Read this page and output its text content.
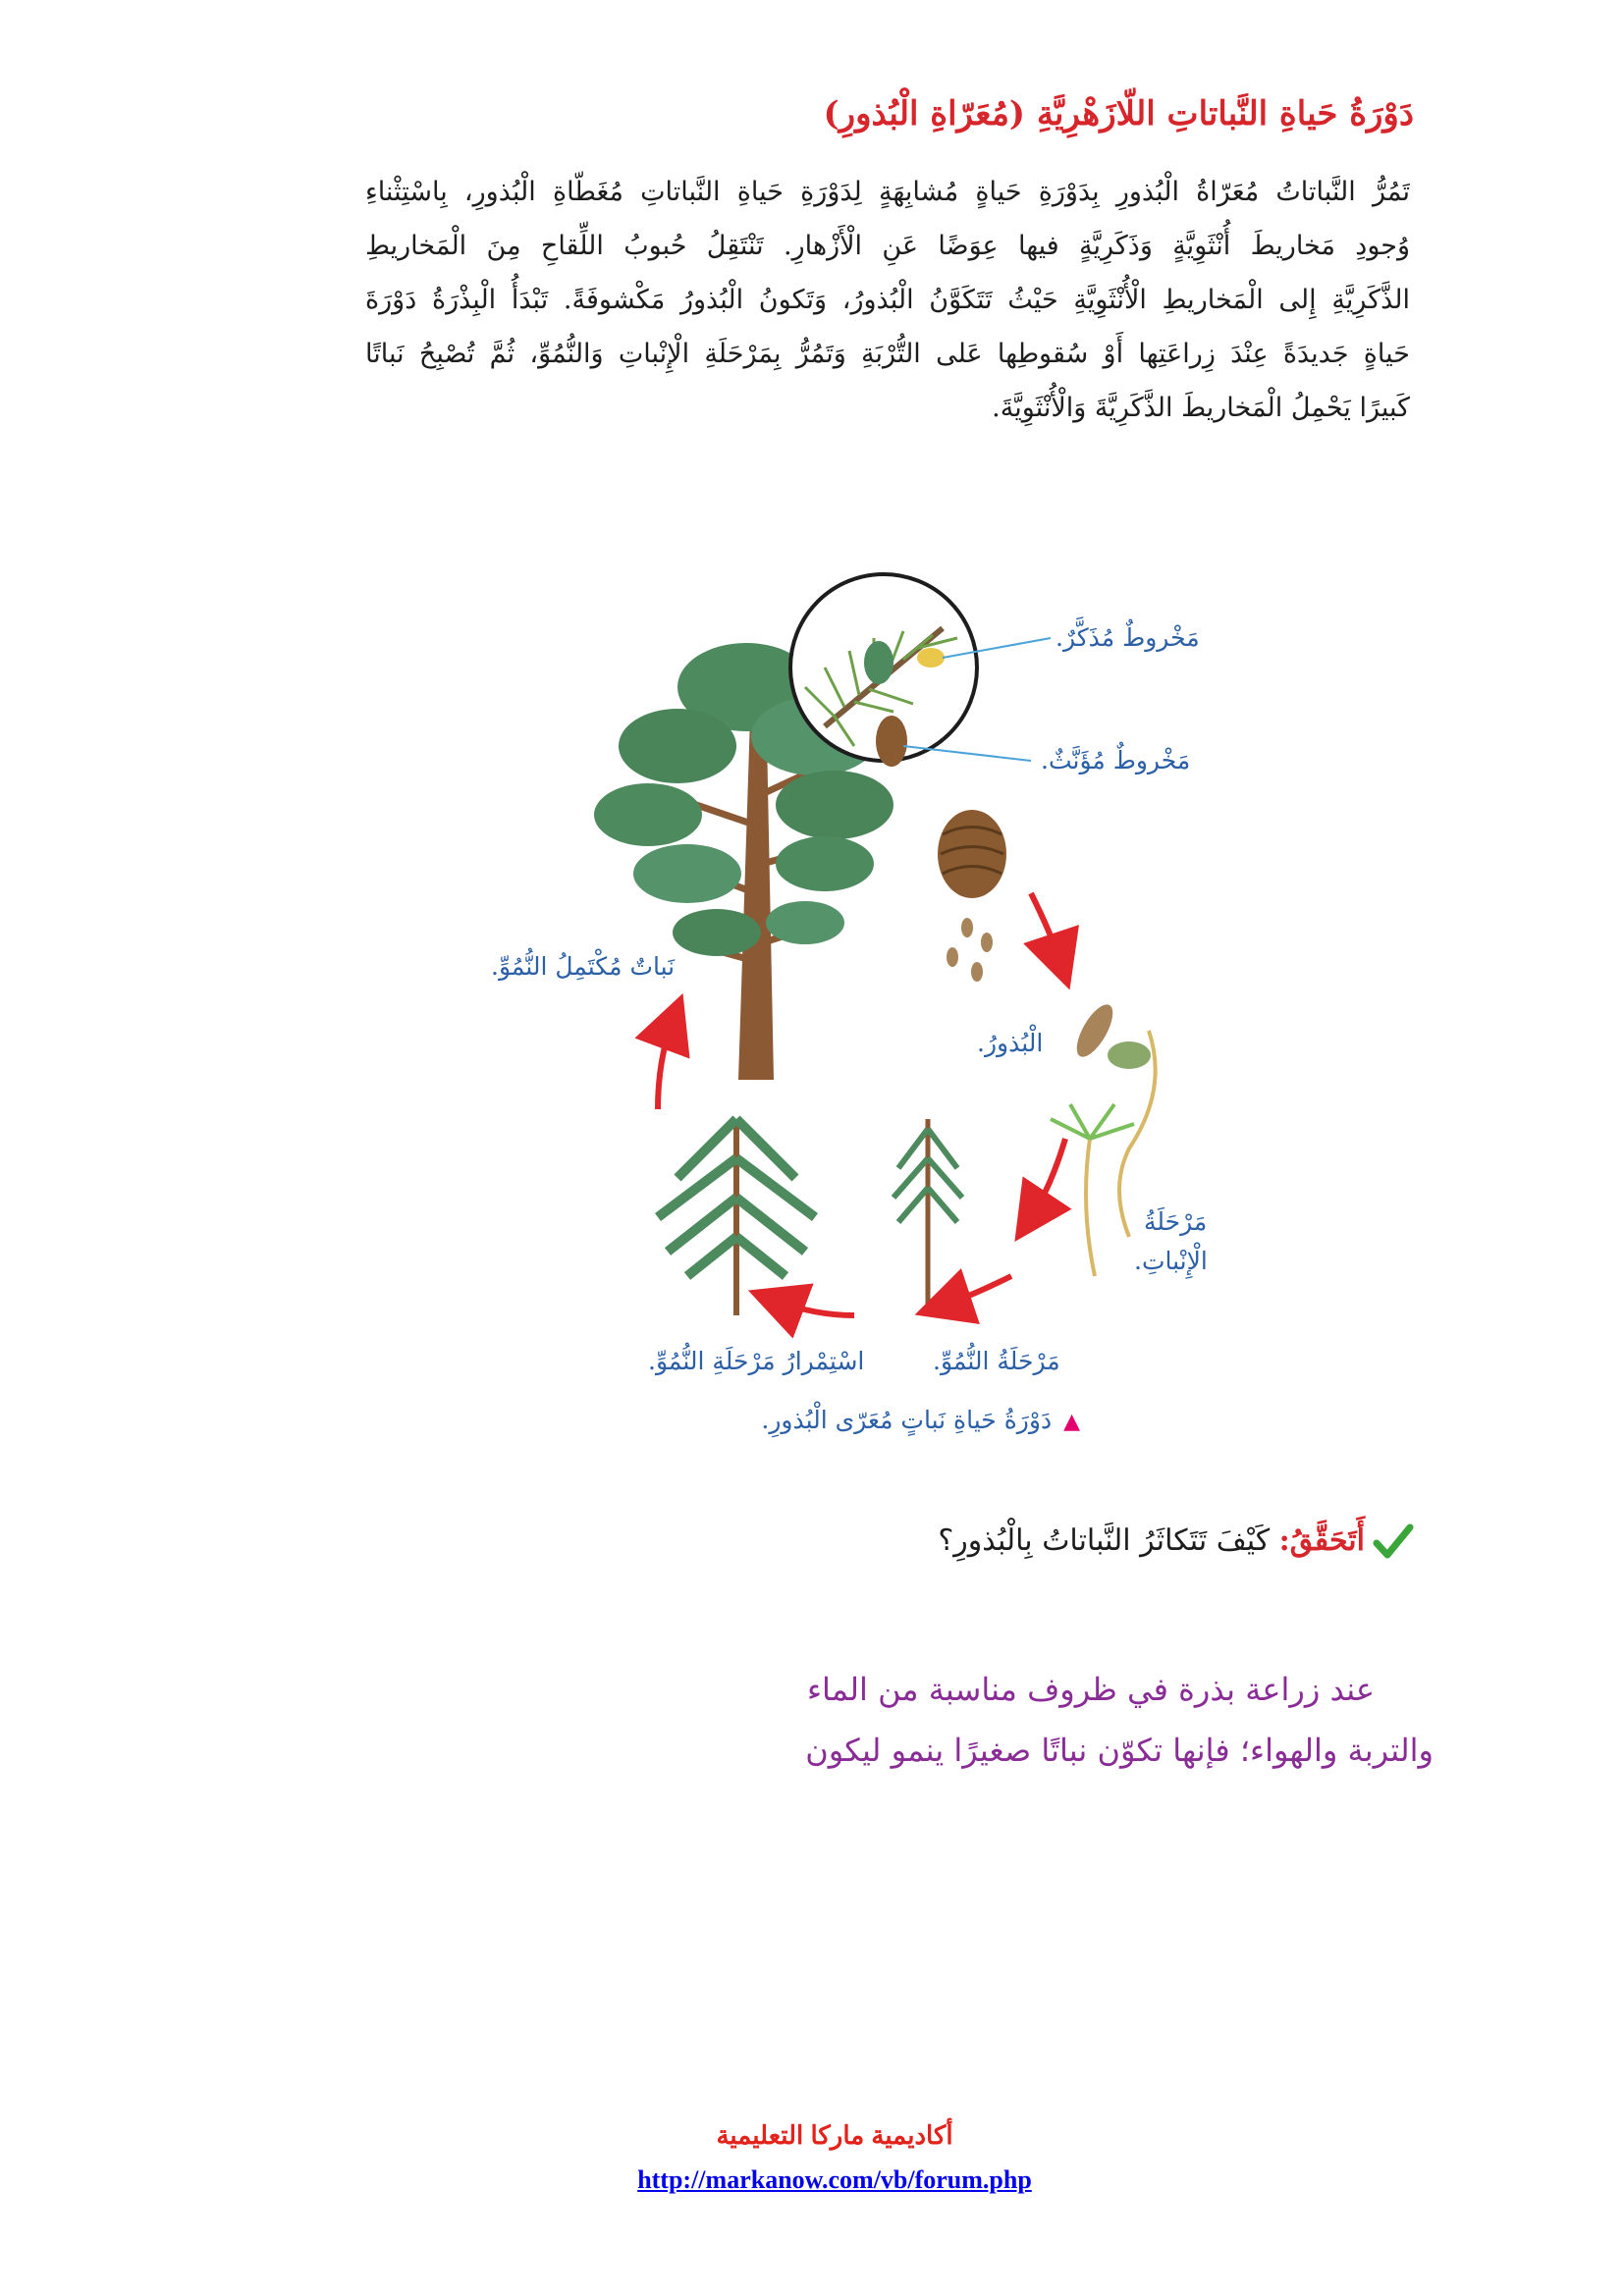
دَوْرَةُ حَياةِ النَّباتاتِ اللّازَهْرِيَّةِ (مُعَرّاةِ الْبُذورِ)
تَمُرُّ النَّباتاتُ مُعَرّاةُ الْبُذورِ بِدَوْرَةِ حَياةٍ مُشابِهَةٍ لِدَوْرَةِ حَياةِ النَّباتاتِ مُغَطّاةِ الْبُذورِ، بِاسْتِثْناءِ
وُجودِ مَخاريطَ أُنْثَوِيَّةٍ وَذَكَرِيَّةٍ فيها عِوَضًا عَنِ الْأَزْهارِ. تَنْتَقِلُ حُبوبُ اللِّقاحِ مِنَ الْمَخاريطِ
الذَّكَرِيَّةِ إِلى الْمَخاريطِ الْأُنْثَوِيَّةِ حَيْثُ تَتَكَوَّنُ الْبُذورُ، وَتَكونُ الْبُذورُ مَكْشوفَةً. تَبْدَأُ الْبِذْرَةُ دَوْرَةَ
حَياةٍ جَديدَةً عِنْدَ زِراعَتِها أَوْ سُقوطِها عَلى التُّرْبَةِ وَتَمُرُّ بِمَرْحَلَةِ الْإِنْباتِ وَالنُّمُوِّ، ثُمَّ تُصْبِحُ نَباتًا
كَبيرًا يَحْمِلُ الْمَخاريطَ الذَّكَرِيَّةَ وَالْأُنْثَوِيَّةَ.
مَخْروطٌ مُذَكَّرٌ.
مَخْروطٌ مُؤَنَّثٌ.
نَباتٌ مُكْتَمِلُ النُّمُوِّ.
الْبُذورُ.
مَرْحَلَةُ
الْإِنْباتِ.
مَرْحَلَةُ النُّمُوِّ.
اسْتِمْرارُ مَرْحَلَةِ النُّمُوِّ.
▲دَوْرَةُ حَياةِ نَباتٍ مُعَرّى الْبُذورِ.
أَتَحَقَّقُ: كَيْفَ تَتَكاثَرُ النَّباتاتُ بِالْبُذورِ؟
عند زراعة بذرة في ظروف مناسبة من الماء
والتربة والهواء؛ فإنها تكوّن نباتًا صغيرًا ينمو ليكون
أكاديمية ماركا التعليمية
http://markanow.com/vb/forum.php
